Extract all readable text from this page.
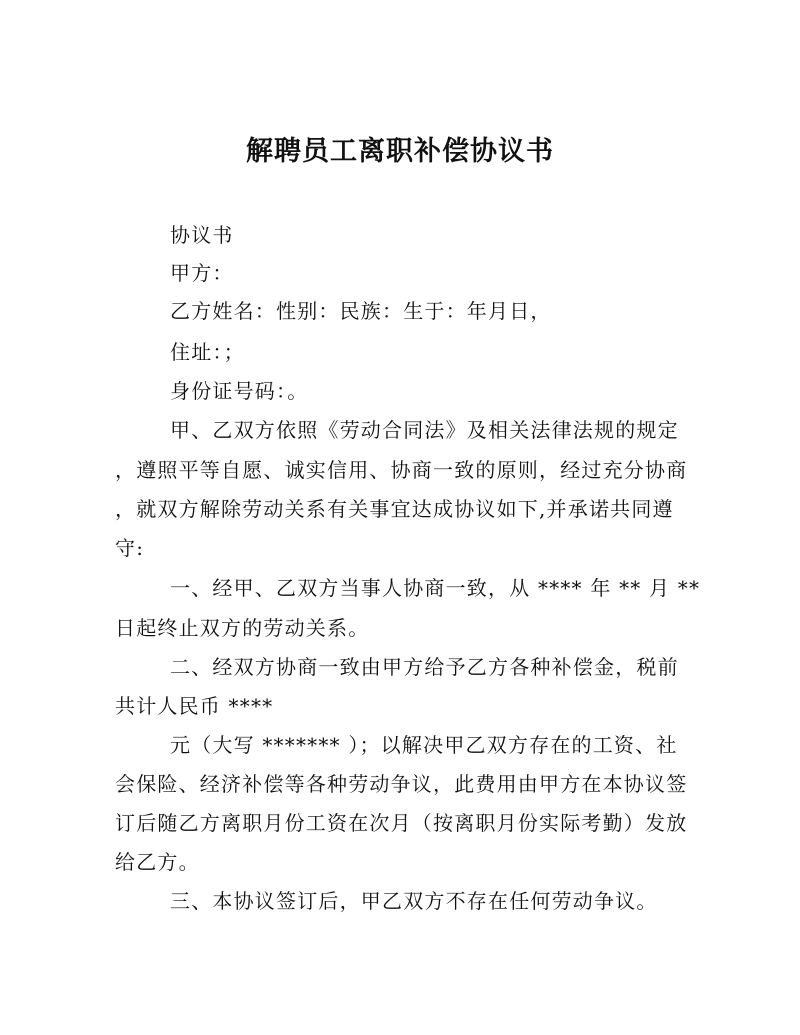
解聘员工离职补偿协议书
协议书
甲方：
乙方姓名：性别：民族：生于：年月日，
住址：；
身份证号码：。
甲、乙双方依照《劳动合同法》及相关法律法规的规定
，遵照平等自愿、诚实信用、协商一致的原则，经过充分协商
，就双方解除劳动关系有关事宜达成协议如下,并承诺共同遵
守:
一、经甲、乙双方当事人协商一致，从 **** 年 ** 月 **
日起终止双方的劳动关系。
二、经双方协商一致由甲方给予乙方各种补偿金，税前
共计人民币 ****
元（大写 ******* ）；以解决甲乙双方存在的工资、社
会保险、经济补偿等各种劳动争议，此费用由甲方在本协议签
订后随乙方离职月份工资在次月（按离职月份实际考勤）发放
给乙方。
三、本协议签订后，甲乙双方不存在任何劳动争议。
